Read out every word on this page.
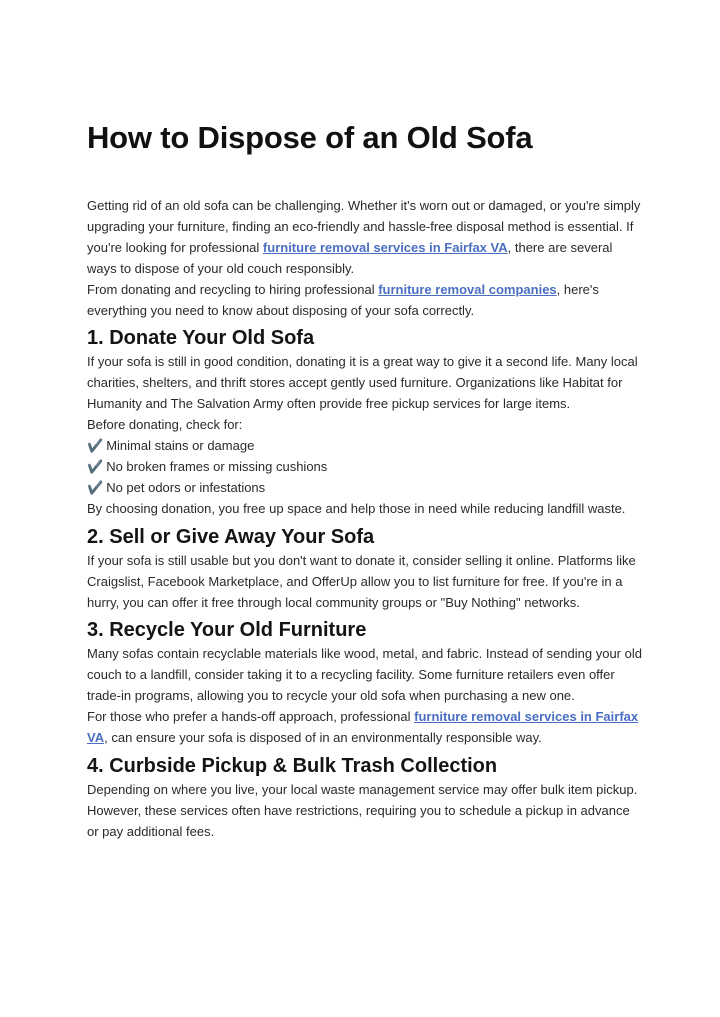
How to Dispose of an Old Sofa

Getting rid of an old sofa can be challenging. Whether it's worn out or damaged, or you're simply upgrading your furniture, finding an eco-friendly and hassle-free disposal method is essential. If you're looking for professional furniture removal services in Fairfax VA, there are several ways to dispose of your old couch responsibly.

From donating and recycling to hiring professional furniture removal companies, here's everything you need to know about disposing of your sofa correctly.

1. Donate Your Old Sofa

If your sofa is still in good condition, donating it is a great way to give it a second life. Many local charities, shelters, and thrift stores accept gently used furniture. Organizations like Habitat for Humanity and The Salvation Army often provide free pickup services for large items.

Before donating, check for:

✔️ Minimal stains or damage
✔️ No broken frames or missing cushions
✔️ No pet odors or infestations

By choosing donation, you free up space and help those in need while reducing landfill waste.

2. Sell or Give Away Your Sofa

If your sofa is still usable but you don't want to donate it, consider selling it online. Platforms like Craigslist, Facebook Marketplace, and OfferUp allow you to list furniture for free. If you're in a hurry, you can offer it free through local community groups or "Buy Nothing" networks.

3. Recycle Your Old Furniture

Many sofas contain recyclable materials like wood, metal, and fabric. Instead of sending your old couch to a landfill, consider taking it to a recycling facility. Some furniture retailers even offer trade-in programs, allowing you to recycle your old sofa when purchasing a new one.

For those who prefer a hands-off approach, professional furniture removal services in Fairfax VA, can ensure your sofa is disposed of in an environmentally responsible way.

4. Curbside Pickup & Bulk Trash Collection

Depending on where you live, your local waste management service may offer bulk item pickup. However, these services often have restrictions, requiring you to schedule a pickup in advance or pay additional fees.
